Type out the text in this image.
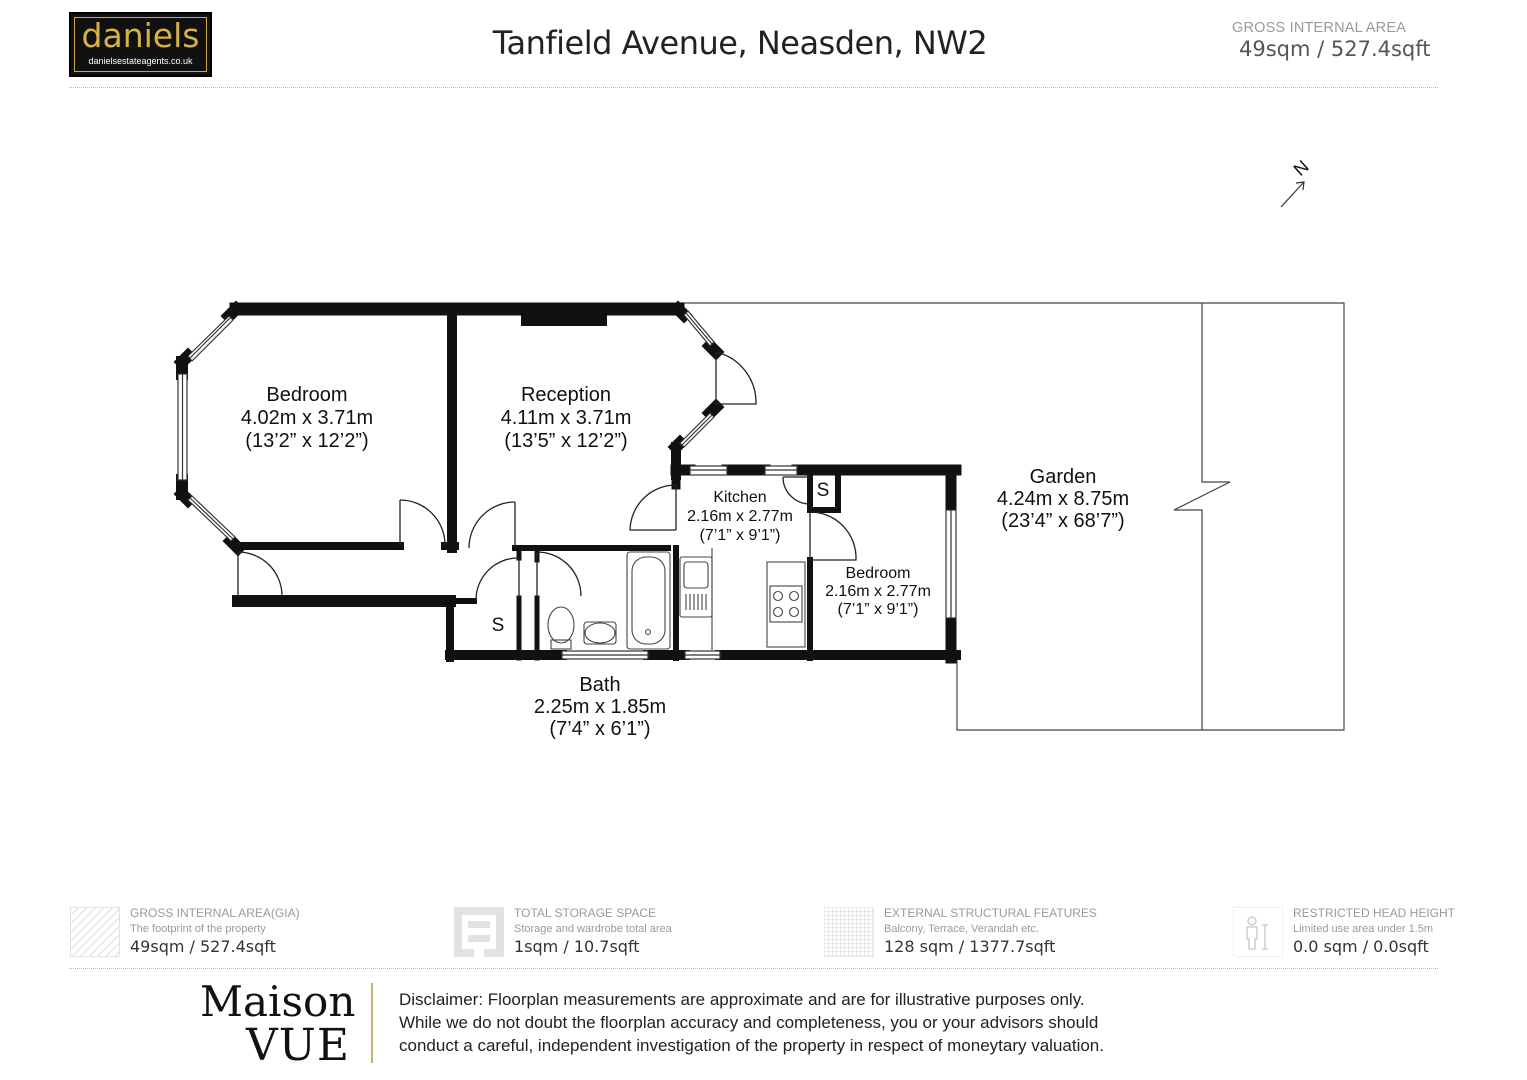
daniels
danielsestateagents.co.uk	Tanfield Avenue, Neasden, NW2	GROSS INTERNAL AREA
49sqm / 527.4sqft
N
Bedroom
4.02m x 3.71m
(13’2” x 12’2”)
Reception
4.11m x 3.71m
(13’5” x 12’2”)
Kitchen
2.16m x 2.77m
(7’1” x 9’1”)
Bedroom
2.16m x 2.77m
(7’1” x 9’1”)
Garden
4.24m x 8.75m
(23’4” x 68’7”)
Bath
2.25m x 1.85m
(7’4” x 6’1”)
S
S
GROSS INTERNAL AREA(GIA)
The footprint of the property
49sqm / 527.4sqft
TOTAL STORAGE SPACE
Storage and wardrobe total area
1sqm / 10.7sqft
EXTERNAL STRUCTURAL FEATURES
Balcony, Terrace, Verandah etc.
128 sqm / 1377.7sqft
RESTRICTED HEAD HEIGHT
Limited use area under 1.5m
0.0 sqm / 0.0sqft
Maison
VUE
Disclaimer: Floorplan measurements are approximate and are for illustrative purposes only.
While we do not doubt the floorplan accuracy and completeness, you or your advisors should
conduct a careful, independent investigation of the property in respect of moneytary valuation.
